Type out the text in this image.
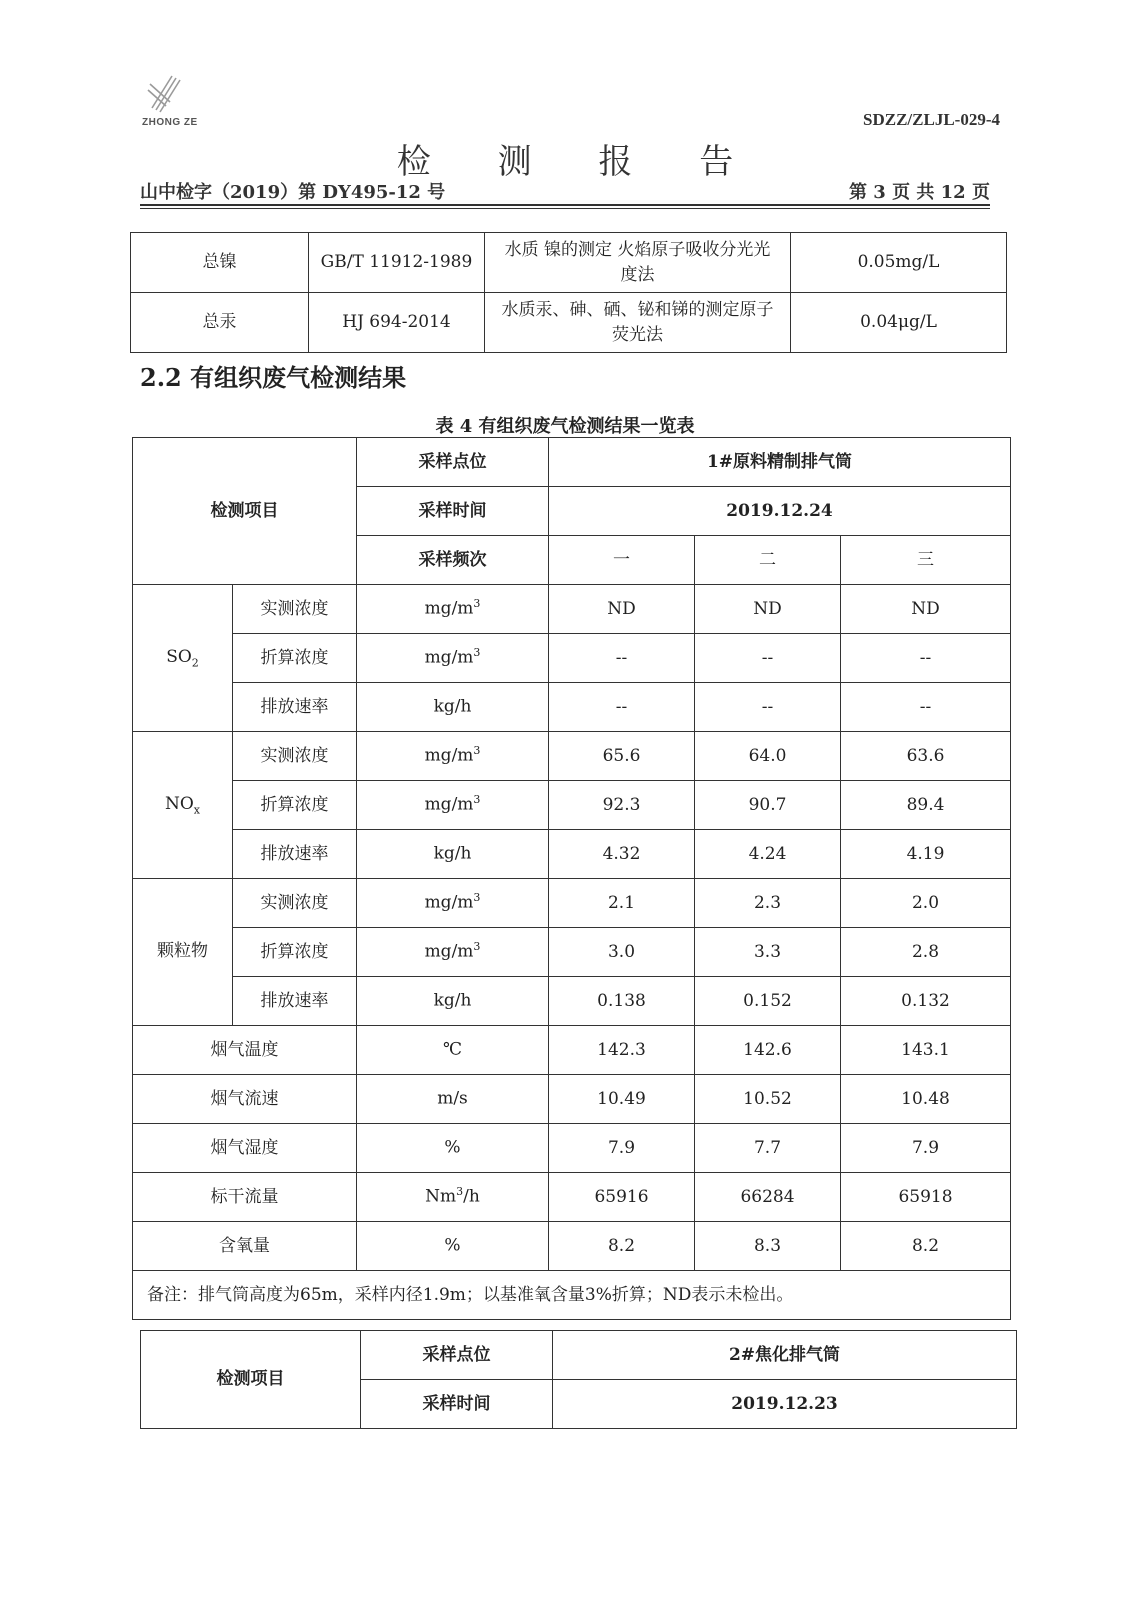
ZHONG ZE	SDZZ/ZLJL-029-4
检 测 报 告
山中检字（2019）第 DY495-12 号	第 3 页 共 12 页
总镍	GB/T 11912-1989	水质 镍的测定 火焰原子吸收分光光度法	0.05mg/L
总汞	HJ 694-2014	水质汞、砷、硒、铋和锑的测定原子荧光法	0.04μg/L
2.2 有组织废气检测结果
表 4 有组织废气检测结果一览表
检测项目		采样点位	1#原料精制排气筒		
		采样时间	2019.12.24		
		采样频次	一	二	三
$SO_2$	实测浓度	$mg/m^3$	ND	ND	ND
	折算浓度	$mg/m^3$	--	--	--
	排放速率	kg/h	--	--	--
$NO_x$	实测浓度	$mg/m^3$	65.6	64.0	63.6
	折算浓度	$mg/m^3$	92.3	90.7	89.4
	排放速率	kg/h	4.32	4.24	4.19
颗粒物	实测浓度	$mg/m^3$	2.1	2.3	2.0
	折算浓度	$mg/m^3$	3.0	3.3	2.8
	排放速率	kg/h	0.138	0.152	0.132
烟气温度		℃	142.3	142.6	143.1
烟气流速		m/s	10.49	10.52	10.48
烟气湿度		%	7.9	7.7	7.9
标干流量		Nm$^3$/h	65916	66284	65918
含氧量		%	8.2	8.3	8.2
备注：排气筒高度为65m，采样内径1.9m；以基准氧含量3%折算；ND表示未检出。					
检测项目	采样点位	2#焦化排气筒
	采样时间	2019.12.23
